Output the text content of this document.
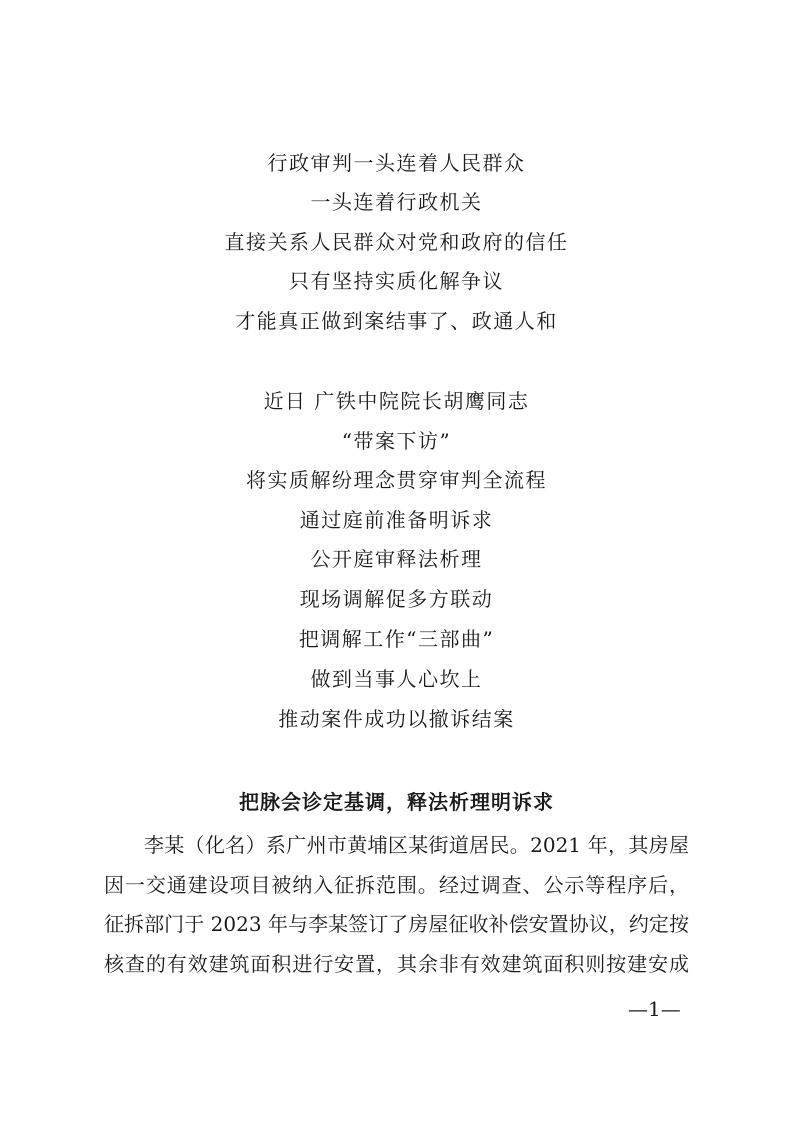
行政审判一头连着人民群众
一头连着行政机关
直接关系人民群众对党和政府的信任
只有坚持实质化解争议
才能真正做到案结事了、政通人和
近日 广铁中院院长胡鹰同志
“带案下访”
将实质解纷理念贯穿审判全流程
通过庭前准备明诉求
公开庭审释法析理
现场调解促多方联动
把调解工作“三部曲”
做到当事人心坎上
推动案件成功以撤诉结案
把脉会诊定基调，释法析理明诉求
李某（化名）系广州市黄埔区某街道居民。2021 年，其房屋
因一交通建设项目被纳入征拆范围。经过调查、公示等程序后，
征拆部门于 2023 年与李某签订了房屋征收补偿安置协议，约定按
核查的有效建筑面积进行安置，其余非有效建筑面积则按建安成
—1—
